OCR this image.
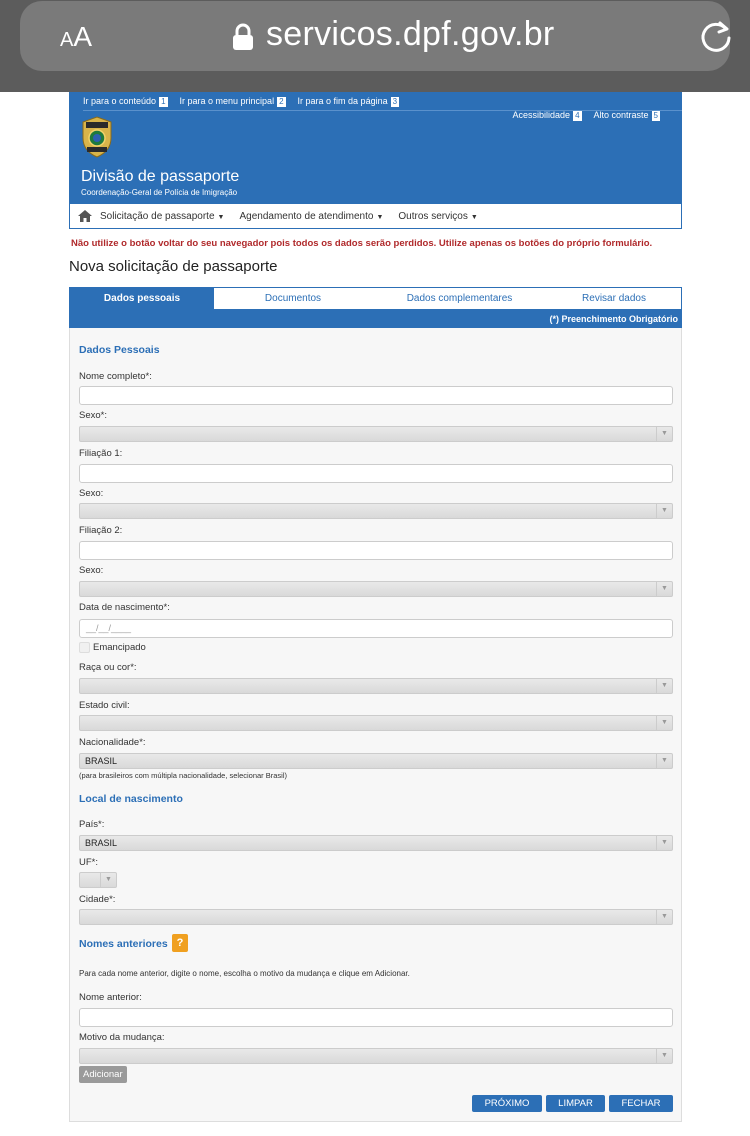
AA	servicos.dpf.gov.br
Ir para o conteúdo 1 Ir para o menu principal 2 Ir para o fim da página 3
Acessibilidade 4 Alto contraste 5
Divisão de passaporte
Coordenação-Geral de Polícia de Imigração
Solicitação de passaporte ▼ Agendamento de atendimento ▼ Outros serviços ▼
Não utilize o botão voltar do seu navegador pois todos os dados serão perdidos. Utilize apenas os botões do próprio formulário.
Nova solicitação de passaporte
Dados pessoais	Documentos	Dados complementares	Revisar dados
(*) Preenchimento Obrigatório
Dados Pessoais
Nome completo*:
Sexo*:
▼
Filiação 1:
Sexo:
▼
Filiação 2:
Sexo:
▼
Data de nascimento*:
__/__/____
Emancipado
Raça ou cor*:
▼
Estado civil:
▼
Nacionalidade*:
BRASIL	▼
(para brasileiros com múltipla nacionalidade, selecionar Brasil)
Local de nascimento
País*:
BRASIL	▼
UF*:
▼
Cidade*:
▼
Nomes anteriores ?
Para cada nome anterior, digite o nome, escolha o motivo da mudança e clique em Adicionar.
Nome anterior:
Motivo da mudança:
▼
Adicionar
PRÓXIMO	LIMPAR	FECHAR
